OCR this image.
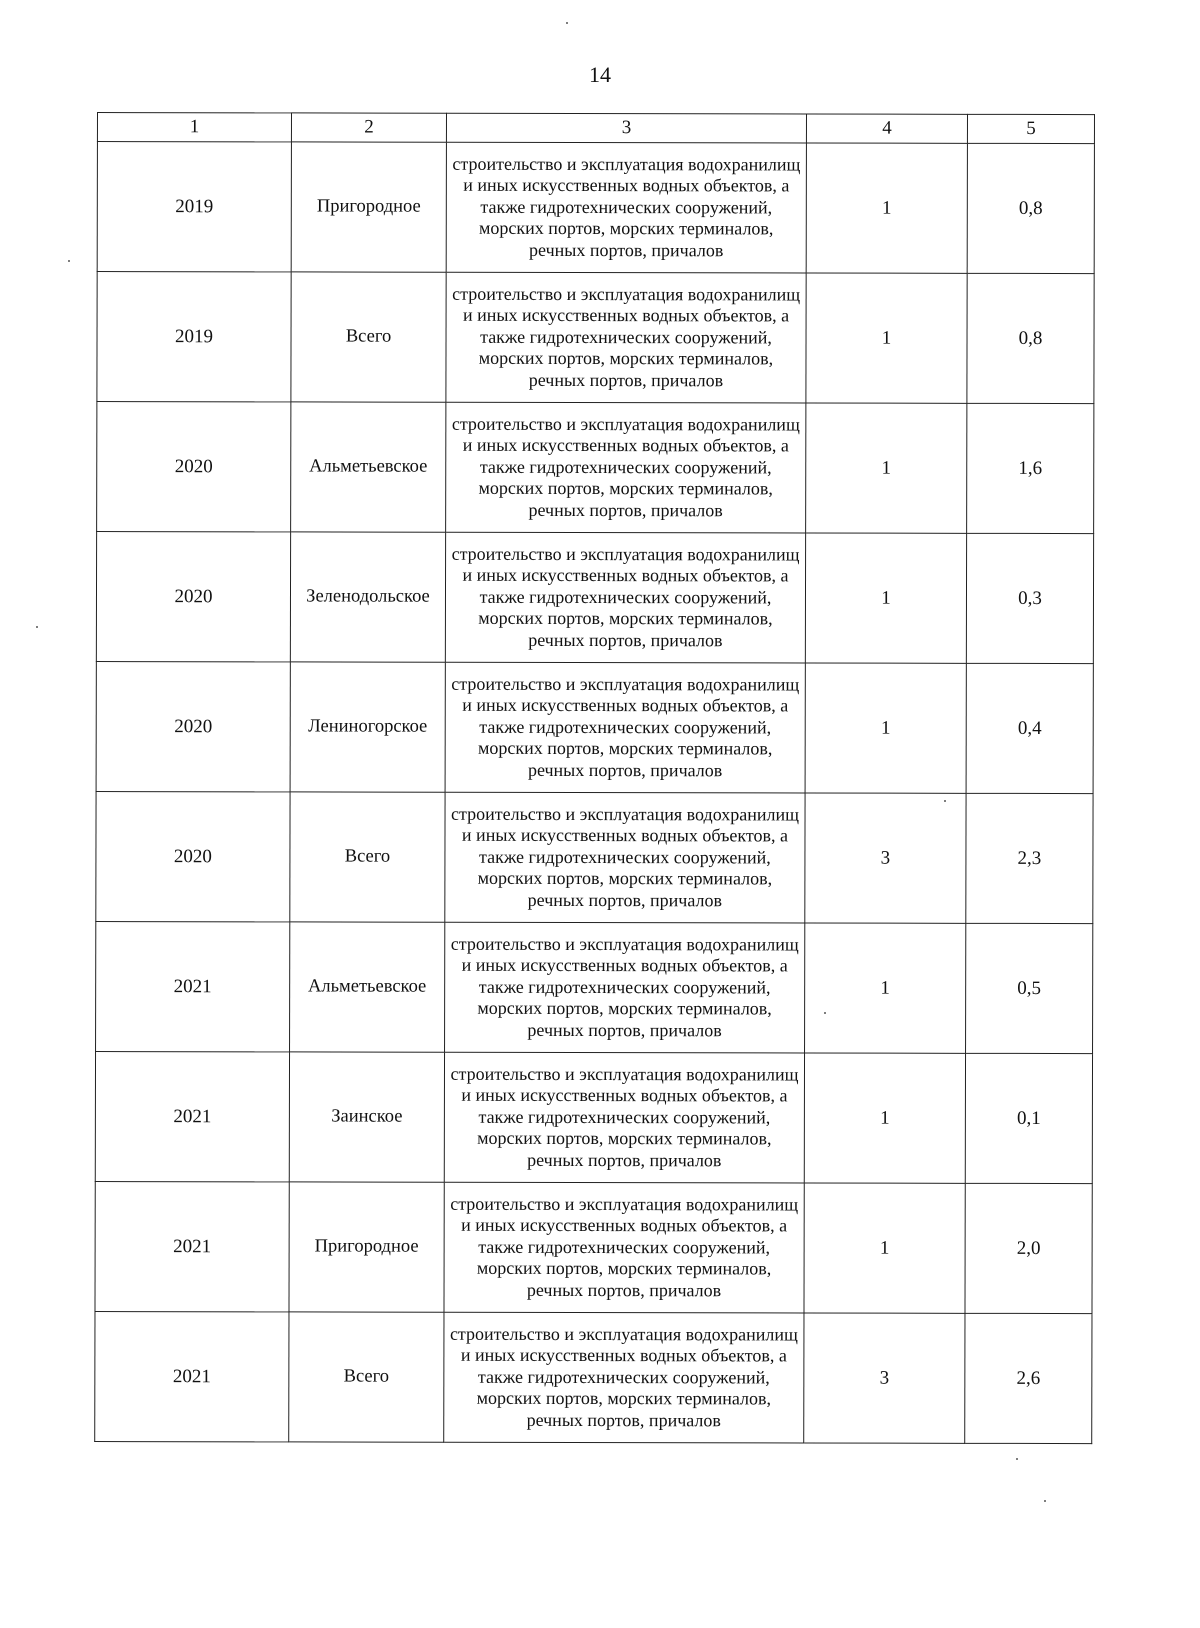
14
1	2	3	4	5
2019	Пригородное	строительство и эксплуатация водохранилищ и иных искусственных водных объектов, а также гидротехнических сооружений, морских портов, морских терминалов, речных портов, причалов	1	0,8
2019	Всего	строительство и эксплуатация водохранилищ и иных искусственных водных объектов, а также гидротехнических сооружений, морских портов, морских терминалов, речных портов, причалов	1	0,8
2020	Альметьевское	строительство и эксплуатация водохранилищ и иных искусственных водных объектов, а также гидротехнических сооружений, морских портов, морских терминалов, речных портов, причалов	1	1,6
2020	Зеленодольское	строительство и эксплуатация водохранилищ и иных искусственных водных объектов, а также гидротехнических сооружений, морских портов, морских терминалов, речных портов, причалов	1	0,3
2020	Лениногорское	строительство и эксплуатация водохранилищ и иных искусственных водных объектов, а также гидротехнических сооружений, морских портов, морских терминалов, речных портов, причалов	1	0,4
2020	Всего	строительство и эксплуатация водохранилищ и иных искусственных водных объектов, а также гидротехнических сооружений, морских портов, морских терминалов, речных портов, причалов	3	2,3
2021	Альметьевское	строительство и эксплуатация водохранилищ и иных искусственных водных объектов, а также гидротехнических сооружений, морских портов, морских терминалов, речных портов, причалов	1	0,5
2021	Заинское	строительство и эксплуатация водохранилищ и иных искусственных водных объектов, а также гидротехнических сооружений, морских портов, морских терминалов, речных портов, причалов	1	0,1
2021	Пригородное	строительство и эксплуатация водохранилищ и иных искусственных водных объектов, а также гидротехнических сооружений, морских портов, морских терминалов, речных портов, причалов	1	2,0
2021	Всего	строительство и эксплуатация водохранилищ и иных искусственных водных объектов, а также гидротехнических сооружений, морских портов, морских терминалов, речных портов, причалов	3	2,6
